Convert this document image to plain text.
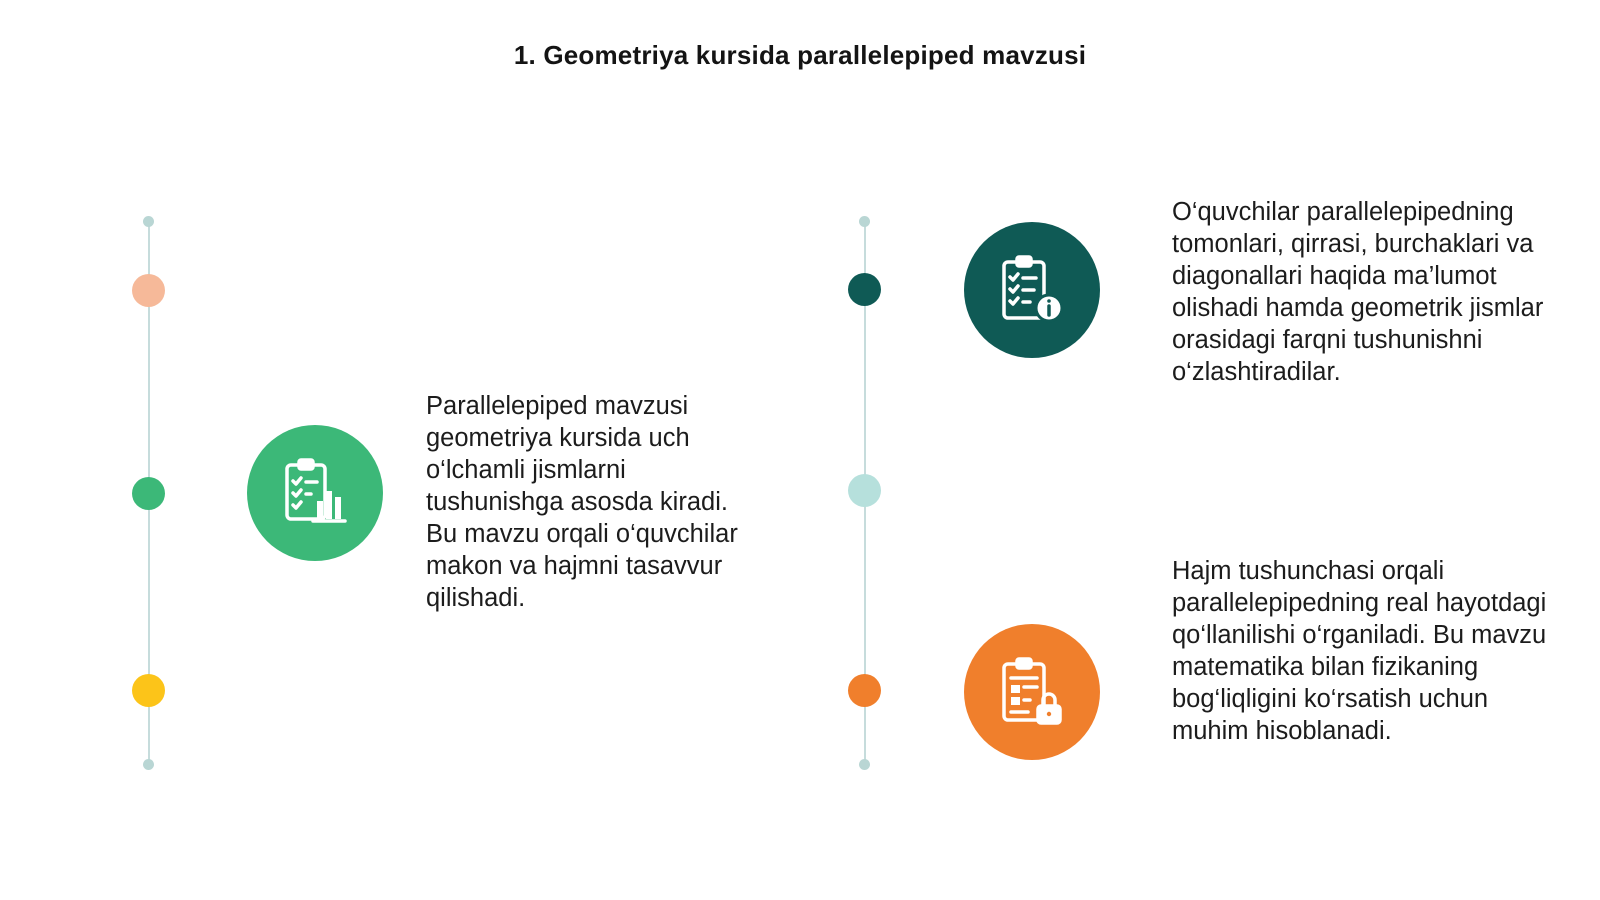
1. Geometriya kursida parallelepiped mavzusi

Parallelepiped mavzusi geometriya kursida uch o‘lchamli jismlarni tushunishga asosda kiradi. Bu mavzu orqali o‘quvchilar makon va hajmni tasavvur qilishadi.

O‘quvchilar parallelepipedning tomonlari, qirrasi, burchaklari va diagonallari haqida ma’lumot olishadi hamda geometrik jismlar orasidagi farqni tushunishni o‘zlashtiradilar.

Hajm tushunchasi orqali parallelepipedning real hayotdagi qo‘llanilishi o‘rganiladi. Bu mavzu matematika bilan fizikaning bog‘liqligini ko‘rsatish uchun muhim hisoblanadi.
